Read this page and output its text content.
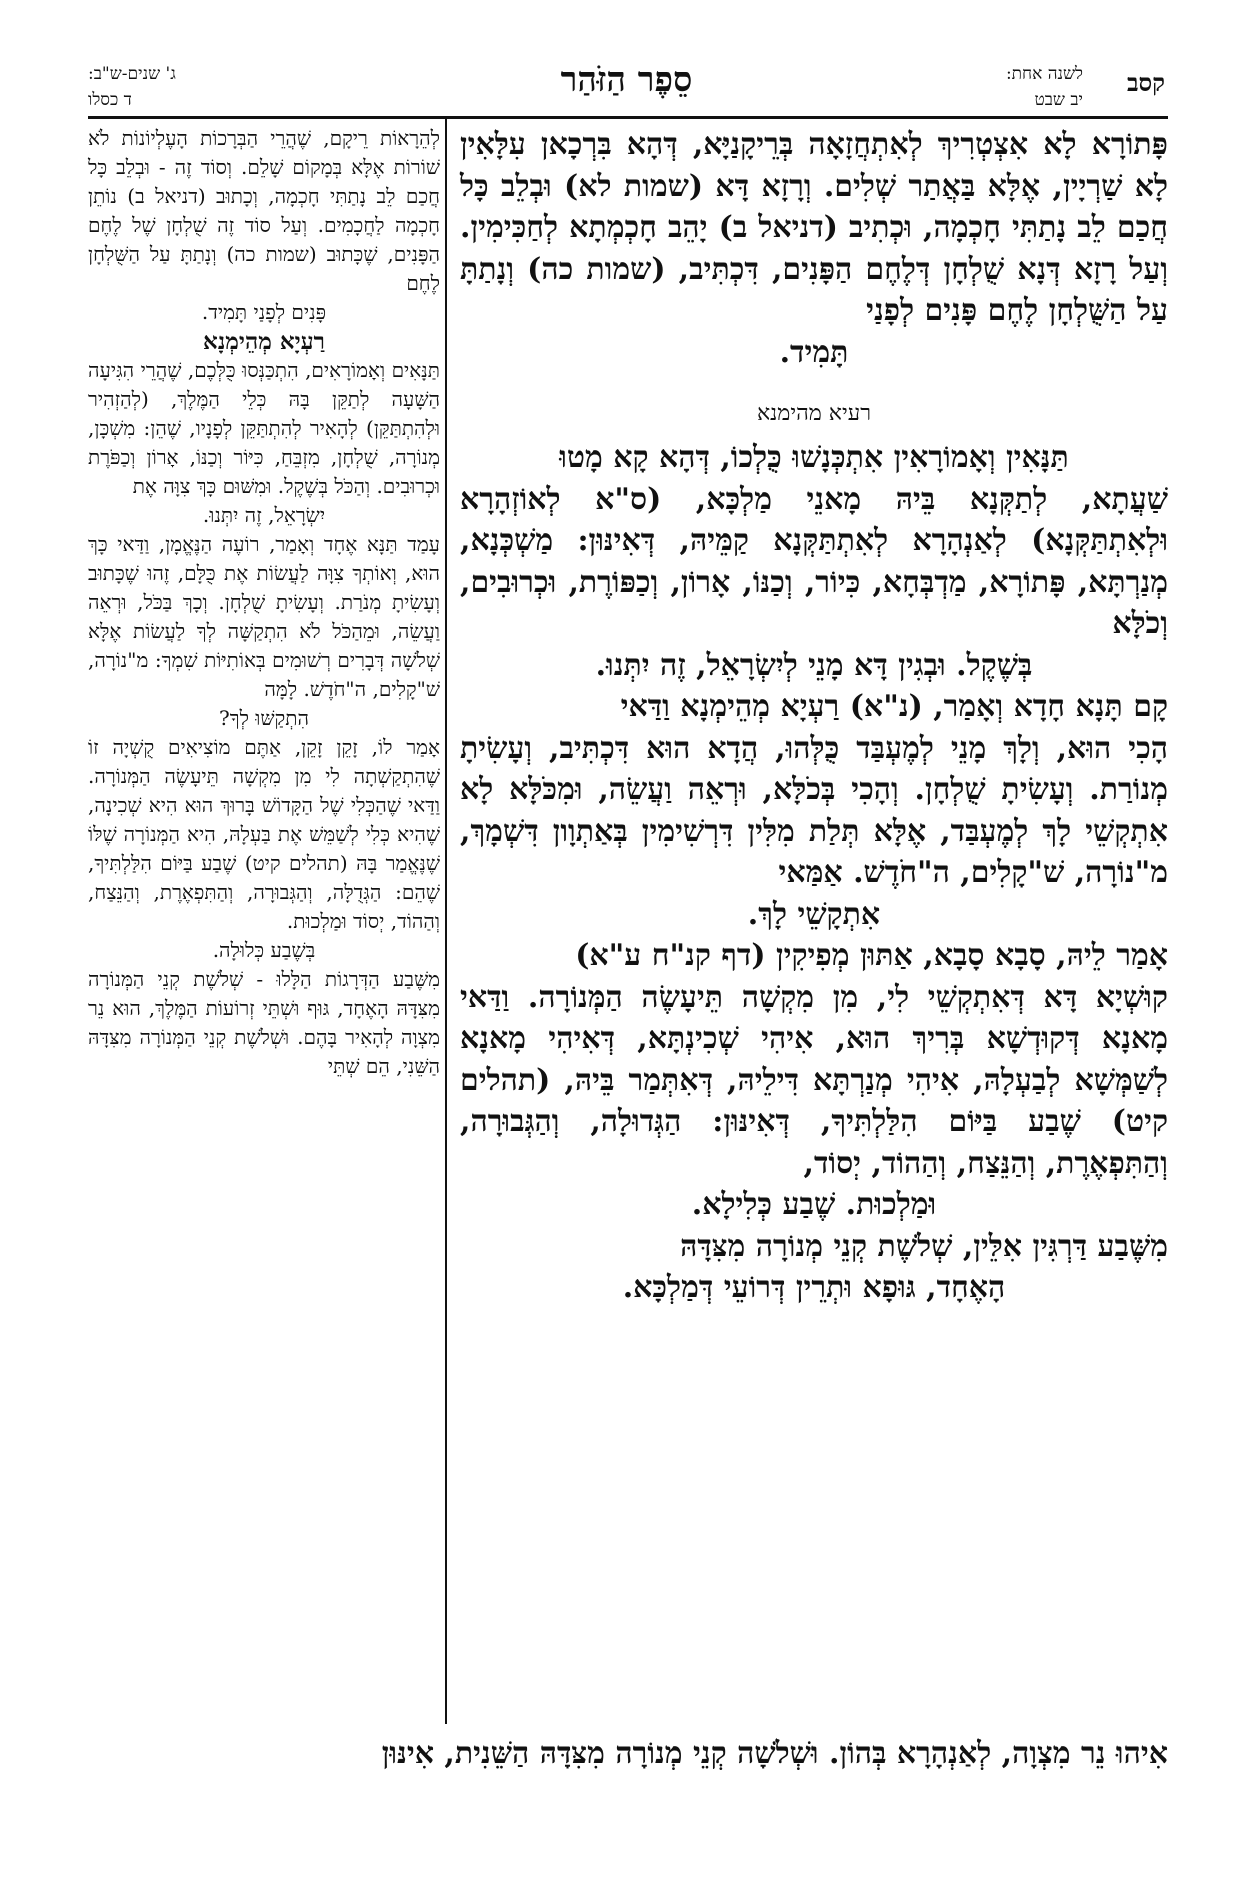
קסב
לשנה אחת:
יב שבט
סֵפֶר הַזֹּהַר
ג' שנים-ש"ב:
ד כסלו

פָּתוֹרָא לָא אִצְטְרִיךְ לְאִתְחֲזָאָה בְּרֵיקָנַיָּא, דְּהָא בִּרְכָאן עִלָּאִין לָא שַׁרְיָין, אֶלָּא בַּאֲתַר שְׁלִים. וְרָזָא דָּא (שמות לא) וּבְלֵב כָּל חֲכַם לֵב נָתַתִּי חָכְמָה, וּכְתִיב (דניאל ב) יָהֵב חָכְמְתָא לְחַכִּימִין. וְעַל רָזָא דְּנָא שֻׁלְחָן דְּלֶחֶם הַפָּנִים, דִּכְתִּיב, (שמות כה) וְנָתַתָּ עַל הַשֻּׁלְחָן לֶחֶם פָּנִים לְפָנַי

תָּמִיד.

רעיא מהימנא

תַּנָּאִין וְאָמוֹרָאִין אִתְכְּנָשׁוּ כֻּלְכוֹ, דְּהָא קָא מָטוּ

שַׁעֲתָא, לְתַקְּנָא בֵּיהּ מָאנֵי מַלְכָּא, (ס"א לְאוֹזְהָרָא וּלְאִתְתַּקְּנָא) לְאַנְהָרָא לְאִתְתַּקְּנָא קַמֵּיהּ, דְּאִינּוּן: מַשְׁכְּנָא, מְנַרְתָּא, פָּתוֹרָא, מַדְבְּחָא, כִּיוֹר, וְכַנּוֹ, אָרוֹן, וְכַפּוֹרֶת, וּכְרוּבִים, וְכֹלָּא

בְּשֶׁקֶל. וּבְגִין דָּא מָנֵי לְיִשְׂרָאֵל, זֶה יִתְּנוּ.

קָם תָּנָא חָדָא וְאָמַר, (נ"א) רַעְיָא מְהֵימְנָא וַדַּאי

הָכִי הוּא, וְלָךְ מָנֵי לְמֶעְבַּד כֻּלְּהוּ, הֲדָא הוּא דִּכְתִּיב, וְעָשִׂיתָ מְנוֹרַת. וְעָשִׂיתָ שֻׁלְחָן. וְהָכִי בְּכֹלָּא, וּרְאֵה וַעֲשֵׂה, וּמִכֹּלָּא לָא אִתְקְשֵׁי לָךְ לְמֶעְבַּד, אֶלָּא תְּלַת מִלִּין דִּרְשִׁימִין בְּאַתְוָון דִּשְׁמָךְ, מ"נוֹרָה, שׁ"קָלִים, ה"חֹדֶשׁ. אַמַּאי

אִתְקָשֵׁי לָךְ.

אָמַר לֵיהּ, סָבָא סָבָא, אַתּוּן מְפִיקִין (דף קנ"ח ע"א)

קוּשְׁיָא דָּא דְּאִתְקְשֵׁי לִי, מִן מִקְשָׁה תֵּיעָשֶׂה הַמְּנוֹרָה. וַדַּאי מָאנָא דְּקוּדְשָׁא בְּרִיךְ הוּא, אִיהִי שְׁכִינְתָּא, דְּאִיהִי מָאנָא לְשַׁמְּשָׁא לְבַעְלָהּ, אִיהִי מְנַרְתָּא דִּילֵיהּ, דְּאִתְּמַר בֵּיהּ, (תהלים קיט) שֶׁבַע בַּיּוֹם הִלַּלְתִּיךָ, דְּאִינּוּן: הַגְּדוּלָה, וְהַגְּבוּרָה, וְהַתִּפְאֶרֶת, וְהַנֵּצַח, וְהַהוֹד, יְסוֹד,

וּמַלְכוּת. שֶׁבַע כְּלִילָא.

מִשֶּׁבַע דַּרְגִּין אִלֵּין, שְׁלֹשֶׁת קְנֵי מְנוֹרָה מִצִּדָּהּ

הָאֶחָד, גּוּפָא וּתְרֵין דְּרוֹעֵי דְּמַלְכָּא.

לְהֵרָאוֹת רֵיקָם, שֶׁהֲרֵי הַבְּרָכוֹת הָעֶלְיוֹנוֹת לֹא שׁוֹרוֹת אֶלָּא בְּמָקוֹם שָׁלֵם. וְסוֹד זֶה - וּבְלֵב כָּל חֲכַם לֵב נָתַתִּי חָכְמָה, וְכָתוּב (דניאל ב) נוֹתֵן חָכְמָה לַחֲכָמִים. וְעַל סוֹד זֶה שֻׁלְחָן שֶׁל לֶחֶם הַפָּנִים, שֶׁכָּתוּב (שמות כה) וְנָתַתָּ עַל הַשֻּׁלְחָן לֶחֶם

פָּנִים לְפָנַי תָּמִיד.

רַעְיָא מְהֵימְנָא

תַּנָּאִים וְאָמוֹרָאִים, הִתְכַּנְּסוּ כֻּלְּכֶם, שֶׁהֲרֵי הִגִּיעָה הַשָּׁעָה לְתַקֵּן בָּהּ כְּלֵי הַמֶּלֶךְ, (לְהַזְהִיר וּלְהִתְתַּקֵּן) לְהָאִיר לְהִתְתַּקֵּן לְפָנָיו, שֶׁהֵן: מִשְׁכָּן, מְנוֹרָה, שֻׁלְחָן, מִזְבֵּחַ, כִּיּוֹר וְכַנּוֹ, אָרוֹן וְכַפֹּרֶת וּכְרוּבִים. וְהַכֹּל בְּשֶׁקֶל. וּמִשּׁוּם כָּךְ צִוָּה אֶת

יִשְׂרָאֵל, זֶה יִתְּנוּ.

עָמַד תַּנָּא אֶחָד וְאָמַר, רוֹעֶה הַנֶּאֱמָן, וַדַּאי כָּךְ הוּא, וְאוֹתְךָ צִוָּה לַעֲשׂוֹת אֶת כֻּלָּם, זֶהוּ שֶׁכָּתוּב וְעָשִׂיתָ מְנֹרַת. וְעָשִׂיתָ שֻׁלְחָן. וְכָךְ בַּכֹּל, וּרְאֵה וַעֲשֵׂה, וּמֵהַכֹּל לֹא הִתְקַשָּׁה לְךָ לַעֲשׂוֹת אֶלָּא שְׁלֹשָׁה דְּבָרִים רְשׁוּמִים בְּאוֹתִיּוֹת שִׁמְךָ: מ"נוֹרָה, שׁ"קָלִים, ה"חֹדֶשׁ. לָמָּה

הִתְקַשּׁוּ לְךָ?

אָמַר לוֹ, זָקֵן זָקֵן, אַתֶּם מוֹצִיאִים קֻשְׁיָה זוֹ שֶׁהִתְקַשְׁתָה לִי מִן מִקְשָׁה תֵּיעָשֶׂה הַמְּנוֹרָה. וַדַּאי שֶׁהַכְּלִי שֶׁל הַקָּדוֹשׁ בָּרוּךְ הוּא הִיא שְׁכִינָה, שֶׁהִיא כְּלִי לְשַׁמֵּשׁ אֶת בַּעְלָהּ, הִיא הַמְּנוֹרָה שֶׁלּוֹ שֶׁנֶּאֱמַר בָּהּ (תהלים קיט) שֶׁבַע בַּיּוֹם הִלַּלְתִּיךָ, שֶׁהֵם: הַגְּדֻלָּה, וְהַגְּבוּרָה, וְהַתִּפְאֶרֶת, וְהַנֵּצַח, וְהַהוֹד, יְסוֹד וּמַלְכוּת.

בְּשֶׁבַע כְּלוּלָה.

מִשֶּׁבַע הַדְּרָגוֹת הַלָּלוּ - שְׁלֹשֶׁת קְנֵי הַמְּנוֹרָה מִצִּדָּהּ הָאֶחָד, גּוּף וּשְׁתֵּי זְרוֹעוֹת הַמֶּלֶךְ, הוּא נֵר מִצְוָה לְהָאִיר בָּהֶם. וּשְׁלֹשֶׁת קְנֵי הַמְּנוֹרָה מִצִּדָּהּ הַשֵּׁנִי, הֵם שְׁתֵּי

אִיהוּ נֵר מִצְוָה, לְאַנְהָרָא בְּהוֹן. וּשְׁלֹשָׁה קְנֵי מְנוֹרָה מִצִּדָּהּ הַשֵּׁנִית, אִינּוּן
